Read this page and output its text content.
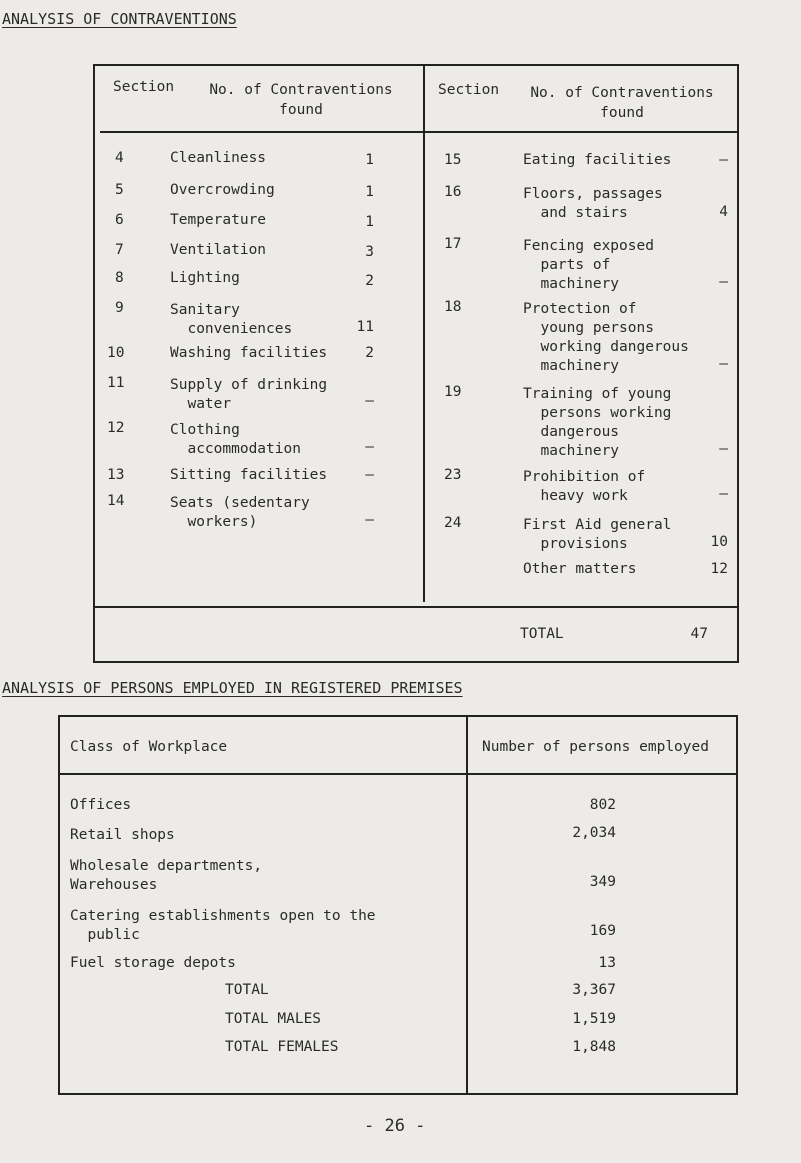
ANALYSIS OF CONTRAVENTIONS
Section	No. of Contraventions
found
Section	No. of Contraventions
found
4	Cleanliness	1
5	Overcrowding	1
6	Temperature	1
7	Ventilation	3
8	Lighting	2
9	Sanitary
conveniences	11
10	Washing facilities	2
11	Supply of drinking
water	–
12	Clothing
accommodation	–
13	Sitting facilities	–
14	Seats (sedentary
workers)	–
15	Eating facilities	–
16	Floors, passages
and stairs	4
17	Fencing exposed
parts of
machinery	–
18	Protection of
young persons
working dangerous
machinery	–
19	Training of young
persons working
dangerous
machinery	–
23	Prohibition of
heavy work	–
24	First Aid general
provisions	10
Other matters	12
TOTAL	47
ANALYSIS OF PERSONS EMPLOYED IN REGISTERED PREMISES
Class of Workplace	Number of persons employed
Offices	802
Retail shops	2,034
Wholesale departments,
Warehouses	349
Catering establishments open to the
public	169
Fuel storage depots	13
TOTAL	3,367
TOTAL MALES	1,519
TOTAL FEMALES	1,848
- 26 -
